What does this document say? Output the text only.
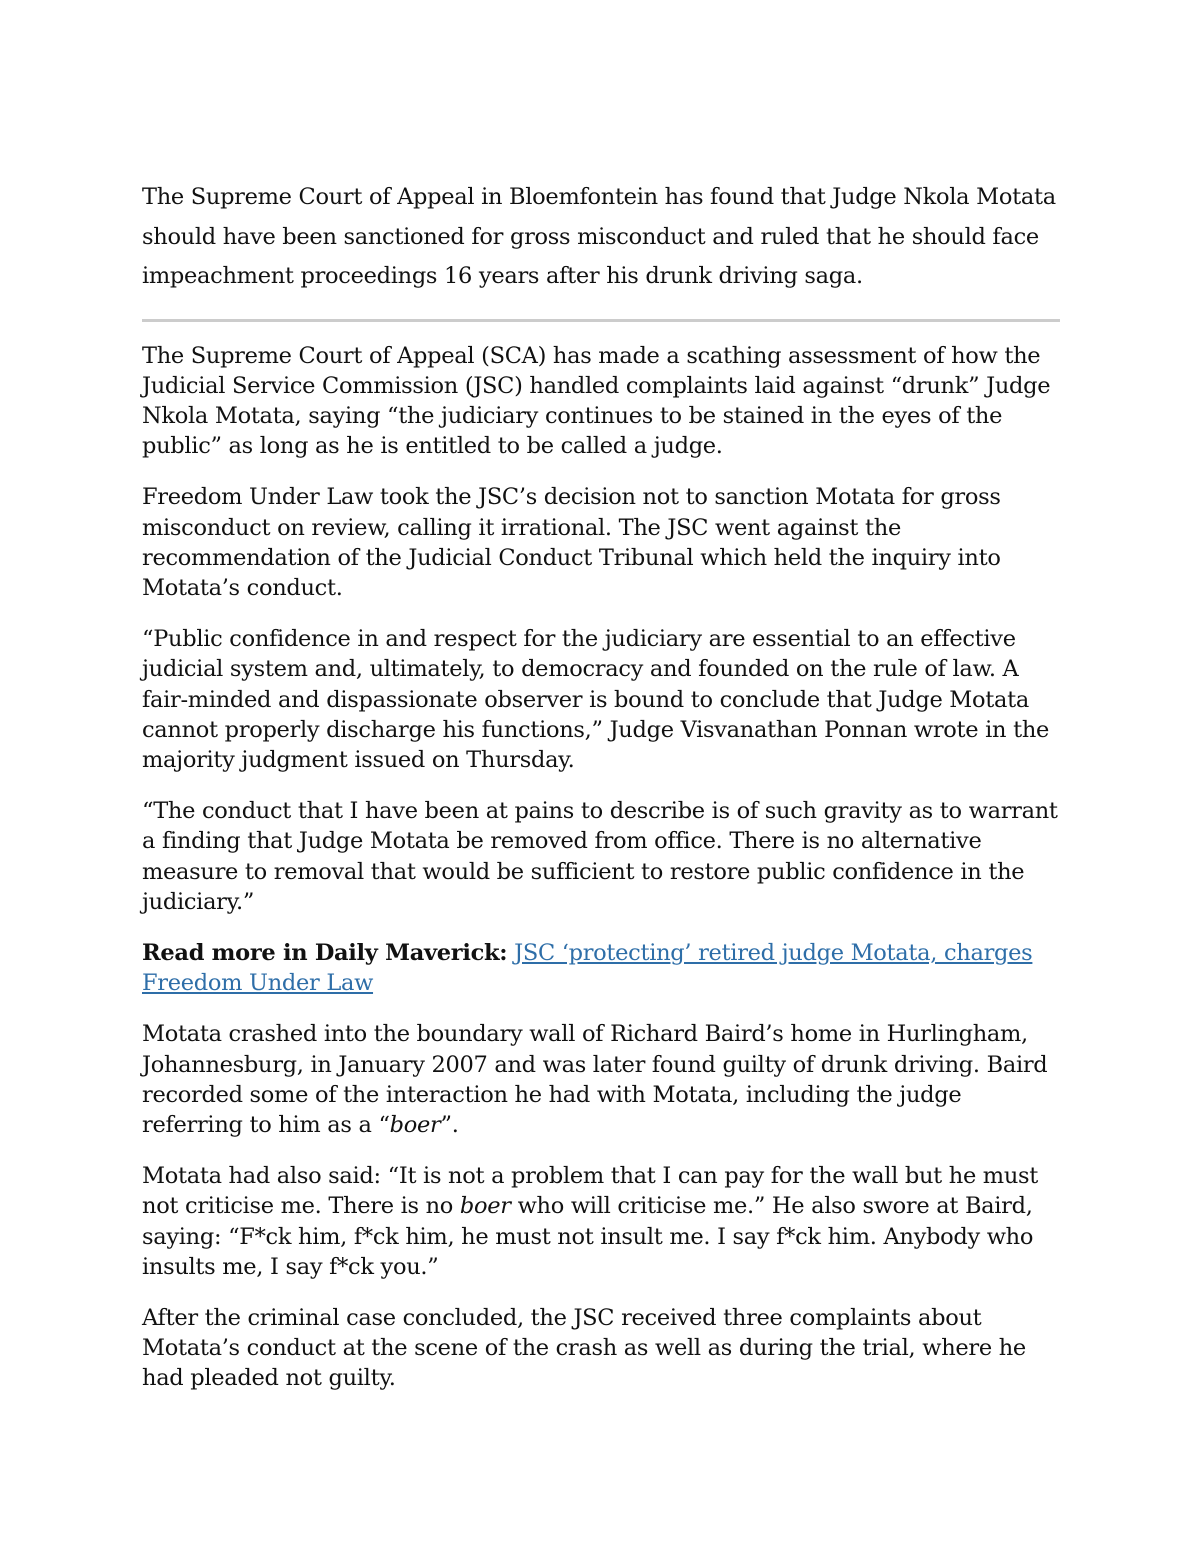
The Supreme Court of Appeal in Bloemfontein has found that Judge Nkola Motata should have been sanctioned for gross misconduct and ruled that he should face impeachment proceedings 16 years after his drunk driving saga.

The Supreme Court of Appeal (SCA) has made a scathing assessment of how the Judicial Service Commission (JSC) handled complaints laid against “drunk” Judge Nkola Motata, saying “the judiciary continues to be stained in the eyes of the public” as long as he is entitled to be called a judge.

Freedom Under Law took the JSC’s decision not to sanction Motata for gross misconduct on review, calling it irrational. The JSC went against the recommendation of the Judicial Conduct Tribunal which held the inquiry into Motata’s conduct.

“Public confidence in and respect for the judiciary are essential to an effective judicial system and, ultimately, to democracy and founded on the rule of law. A fair-minded and dispassionate observer is bound to conclude that Judge Motata cannot properly discharge his functions,” Judge Visvanathan Ponnan wrote in the majority judgment issued on Thursday.

“The conduct that I have been at pains to describe is of such gravity as to warrant a finding that Judge Motata be removed from office. There is no alternative measure to removal that would be sufficient to restore public confidence in the judiciary.”

Read more in Daily Maverick: JSC ‘protecting’ retired judge Motata, charges Freedom Under Law

Motata crashed into the boundary wall of Richard Baird’s home in Hurlingham, Johannesburg, in January 2007 and was later found guilty of drunk driving. Baird recorded some of the interaction he had with Motata, including the judge referring to him as a “boer”.

Motata had also said: “It is not a problem that I can pay for the wall but he must not criticise me. There is no boer who will criticise me.” He also swore at Baird, saying: “F*ck him, f*ck him, he must not insult me. I say f*ck him. Anybody who insults me, I say f*ck you.”

After the criminal case concluded, the JSC received three complaints about Motata’s conduct at the scene of the crash as well as during the trial, where he had pleaded not guilty.
